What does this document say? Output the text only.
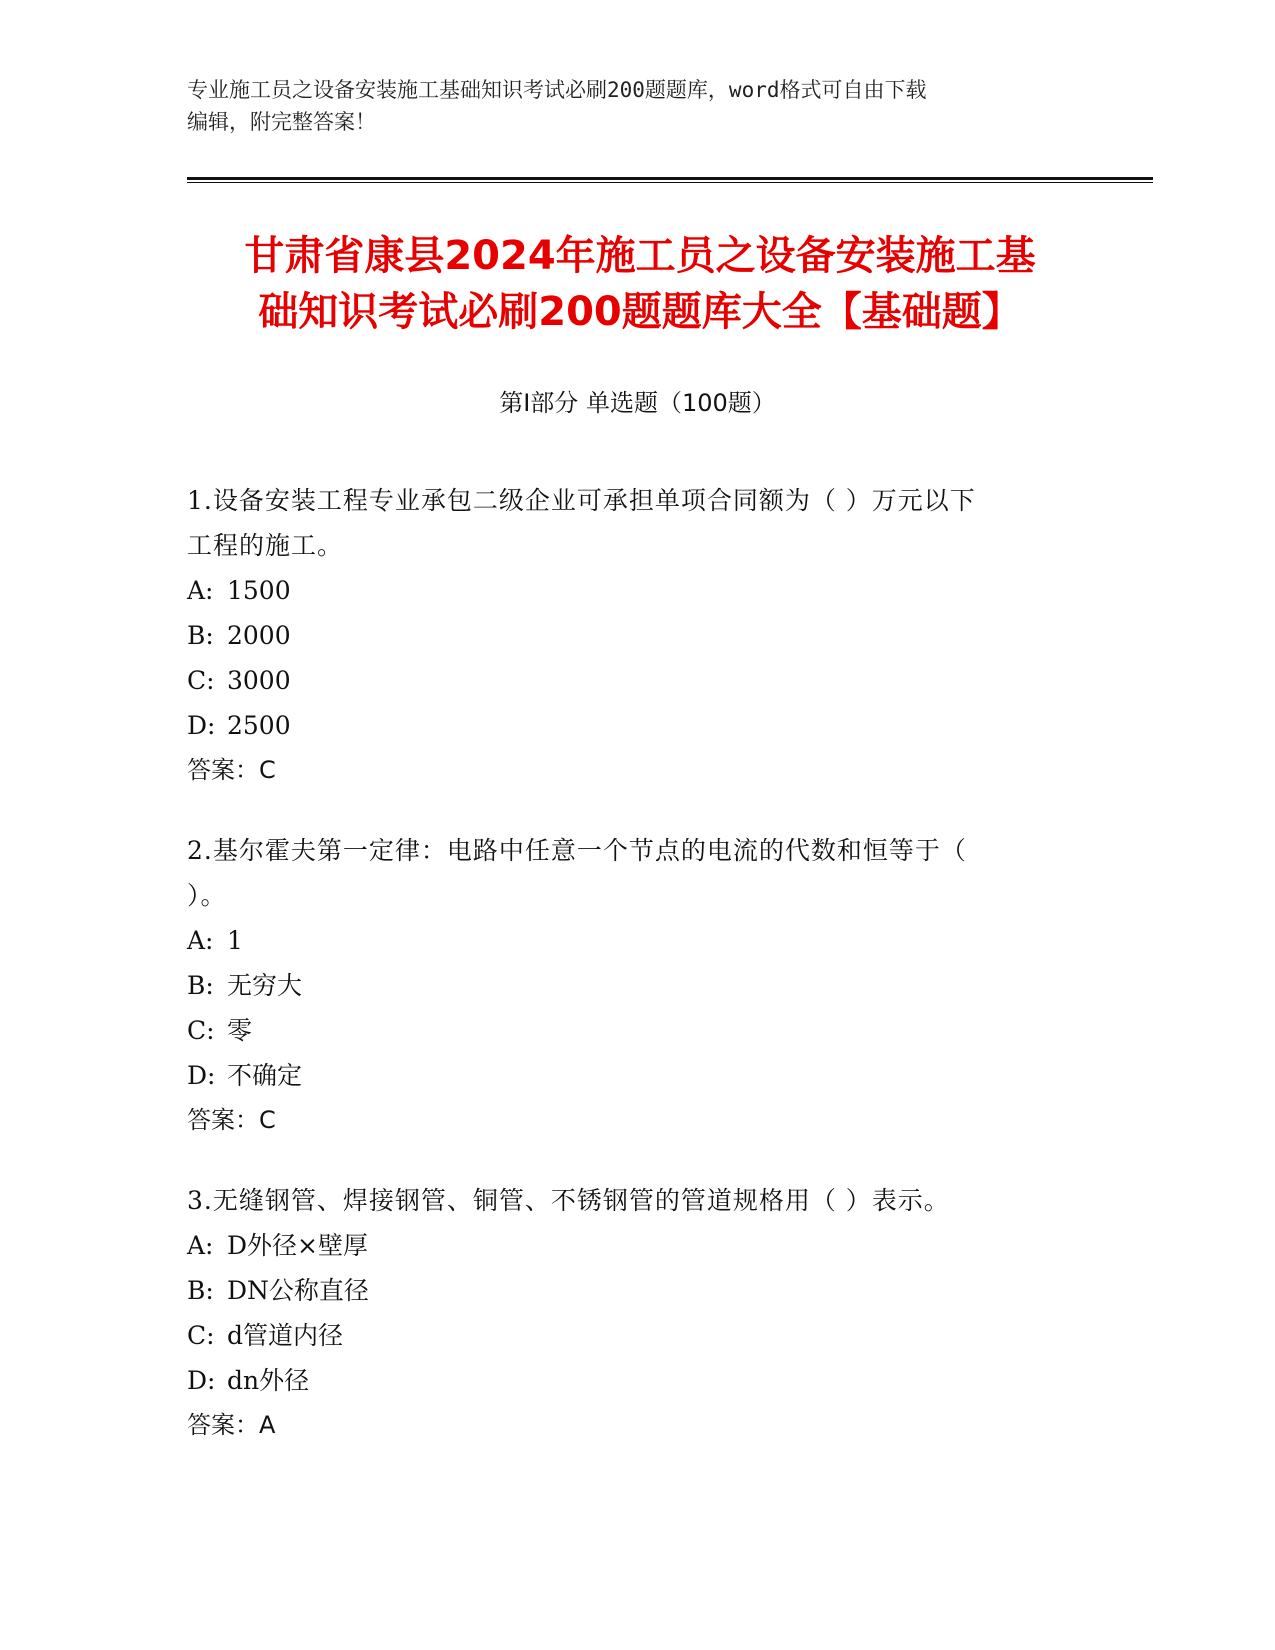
专业施工员之设备安装施工基础知识考试必刷200题题库，word格式可自由下载
编辑，附完整答案！
甘肃省康县2024年施工员之设备安装施工基
础知识考试必刷200题题库大全【基础题】
第Ⅰ部分 单选题（100题）
1.设备安装工程专业承包二级企业可承担单项合同额为（ ）万元以下
工程的施工。
A: 1500
B: 2000
C: 3000
D: 2500
答案：C
2.基尔霍夫第一定律：电路中任意一个节点的电流的代数和恒等于（
）。
A: 1
B: 无穷大
C: 零
D: 不确定
答案：C
3.无缝钢管、焊接钢管、铜管、不锈钢管的管道规格用（ ）表示。
A: D外径×壁厚
B: DN公称直径
C: d管道内径
D: dn外径
答案：A
